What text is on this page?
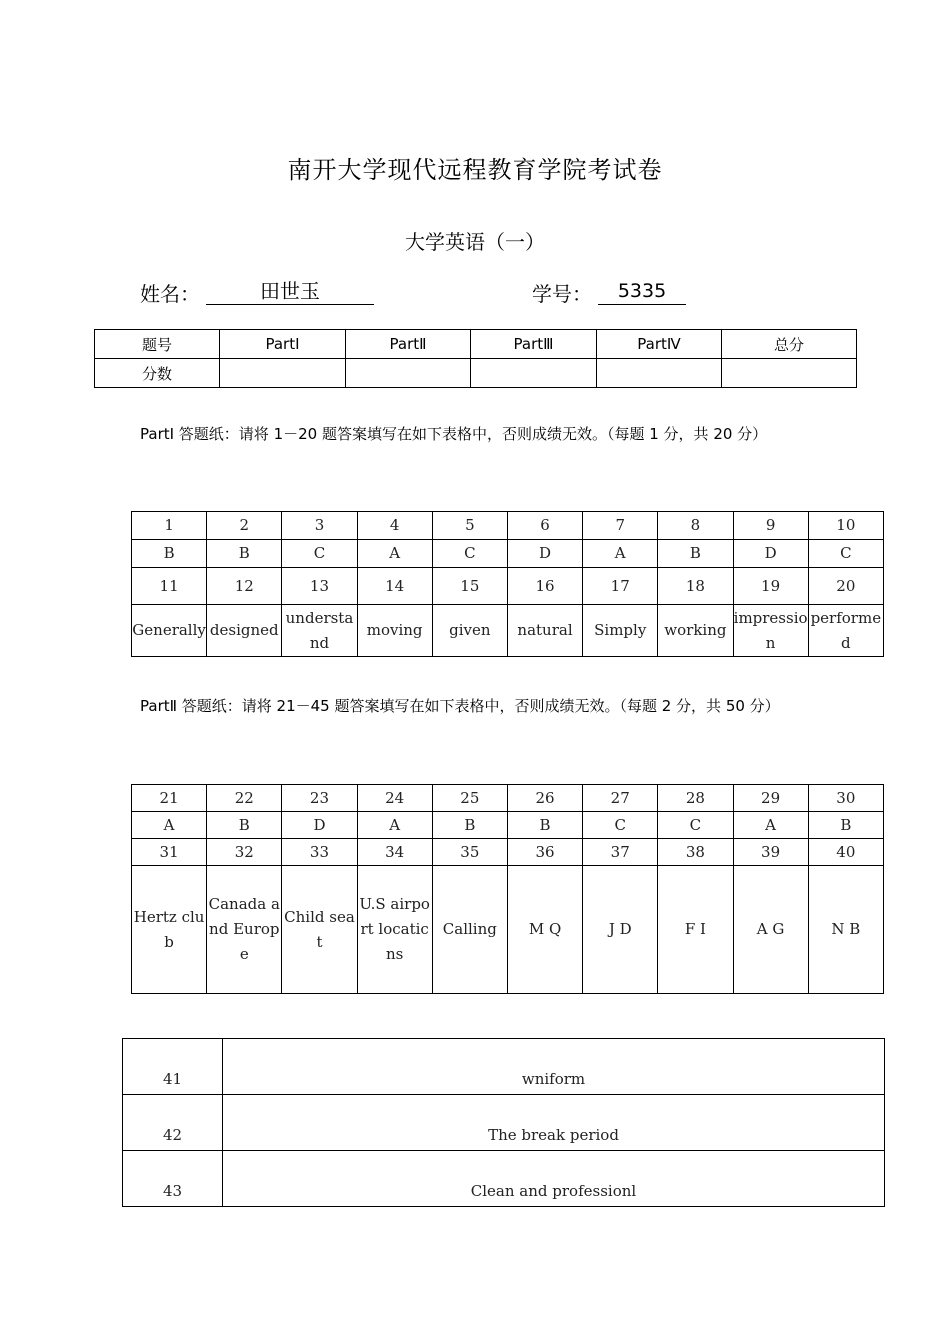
南开大学现代远程教育学院考试卷
大学英语（一）
姓名：	田世玉	学号：	5335
题号	PartⅠ	PartⅡ	PartⅢ	PartⅣ	总分
分数					
PartⅠ 答题纸：请将 1－20 题答案填写在如下表格中，否则成绩无效。（每题 1 分，共 20 分）
1	2	3	4	5	6	7	8	9	10
B	B	C	A	C	D	A	B	D	C
11	12	13	14	15	16	17	18	19	20
Generally	designed	understand	moving	given	natural	Simply	working	impression	performed
PartⅡ 答题纸：请将 21－45 题答案填写在如下表格中，否则成绩无效。（每题 2 分，共 50 分）
21	22	23	24	25	26	27	28	29	30
A	B	D	A	B	B	C	C	A	B
31	32	33	34	35	36	37	38	39	40
Hertz club	Canada and Europe	Child seat	U.S airport locaticns	Calling	M Q	J D	F I	A G	N B
41	wniform
42	The break period
43	Clean and professionl
